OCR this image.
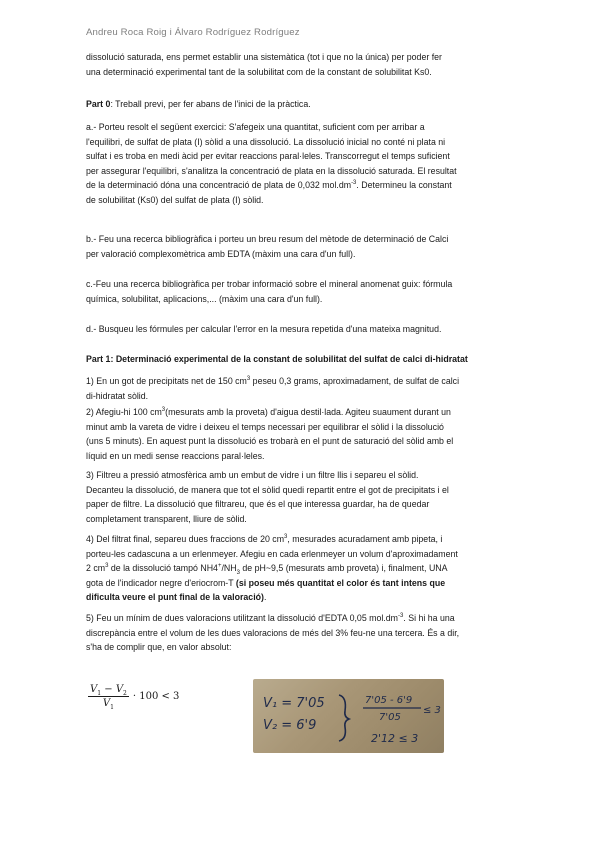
Andreu Roca Roig i Álvaro Rodríguez Rodríguez
dissolució saturada, ens permet establir una sistemàtica (tot i que no la única) per poder fer
una determinació experimental tant de la solubilitat com de la constant de solubilitat Ks0.
Part 0: Treball previ, per fer abans de l'inici de la pràctica.
a.- Porteu resolt el següent exercici: S'afegeix una quantitat, suficient com per arribar a
l'equilibri, de sulfat de plata (I) sòlid a una dissolució. La dissolució inicial no conté ni plata ni
sulfat i es troba en medi àcid per evitar reaccions paral·leles. Transcorregut el temps suficient
per assegurar l'equilibri, s'analitza la concentració de plata en la dissolució saturada. El resultat
de la determinació dóna una concentració de plata de 0,032 $mol.dm^{-3}$. Determineu la constant
de solubilitat (Ks0) del sulfat de plata (I) sòlid.
b.- Feu una recerca bibliogràfica i porteu un breu resum del mètode de determinació de Calci
per valoració complexomètrica amb EDTA (màxim una cara d'un full).
c.-Feu una recerca bibliogràfica per trobar informació sobre el mineral anomenat guix: fórmula
química, solubilitat, aplicacions,... (màxim una cara d'un full).
d.- Busqueu les fórmules per calcular l'error en la mesura repetida d'una mateixa magnitud.
Part 1: Determinació experimental de la constant de solubilitat del sulfat de calci di-hidratat
1) En un got de precipitats net de 150 $cm^3$ peseu 0,3 grams, aproximadament, de sulfat de calci
di-hidratat sòlid.
2) Afegiu-hi 100 $cm^3(mesurats$ amb la proveta) d'aigua destil·lada. Agiteu suaument durant un
minut amb la vareta de vidre i deixeu el temps necessari per equilibrar el sòlid i la dissolució
(uns 5 minuts). En aquest punt la dissolució es trobarà en el punt de saturació del sòlid amb el
líquid en un medi sense reaccions paral·leles.
3) Filtreu a pressió atmosfèrica amb un embut de vidre i un filtre llis i separeu el sòlid.
Decanteu la dissolució, de manera que tot el sòlid quedi repartit entre el got de precipitats i el
paper de filtre. La dissolució que filtrareu, que és el que interessa guardar, ha de quedar
completament transparent, lliure de sòlid.
4) Del filtrat final, separeu dues fraccions de 20 $cm^3$, mesurades acuradament amb pipeta, i
porteu-les cadascuna a un erlenmeyer. Afegiu en cada erlenmeyer un volum d'aproximadament
2 $cm^3$ de la dissolució tampó $NH4^+/NH_3$ de pH~9,5 (mesurats amb proveta) i, finalment, UNA
gota de l'indicador negre d'eriocrom-T (si poseu més quantitat el color és tant intens que
dificulta veure el punt final de la valoració).
5) Feu un mínim de dues valoracions utilitzant la dissolució d'EDTA 0,05 $mol.dm^{-3}$. Si hi ha una
discrepància entre el volum de les dues valoracions de més del 3% feu-ne una tercera. És a dir,
s'ha de complir que, en valor absolut:
$\frac{V_1 - V_2}{V_1} \cdot 100 < 3$	V₁ = 7'05
V₂ = 6'9
7'05 - 6'9
7'05
≤ 3
2'12 ≤ 3
